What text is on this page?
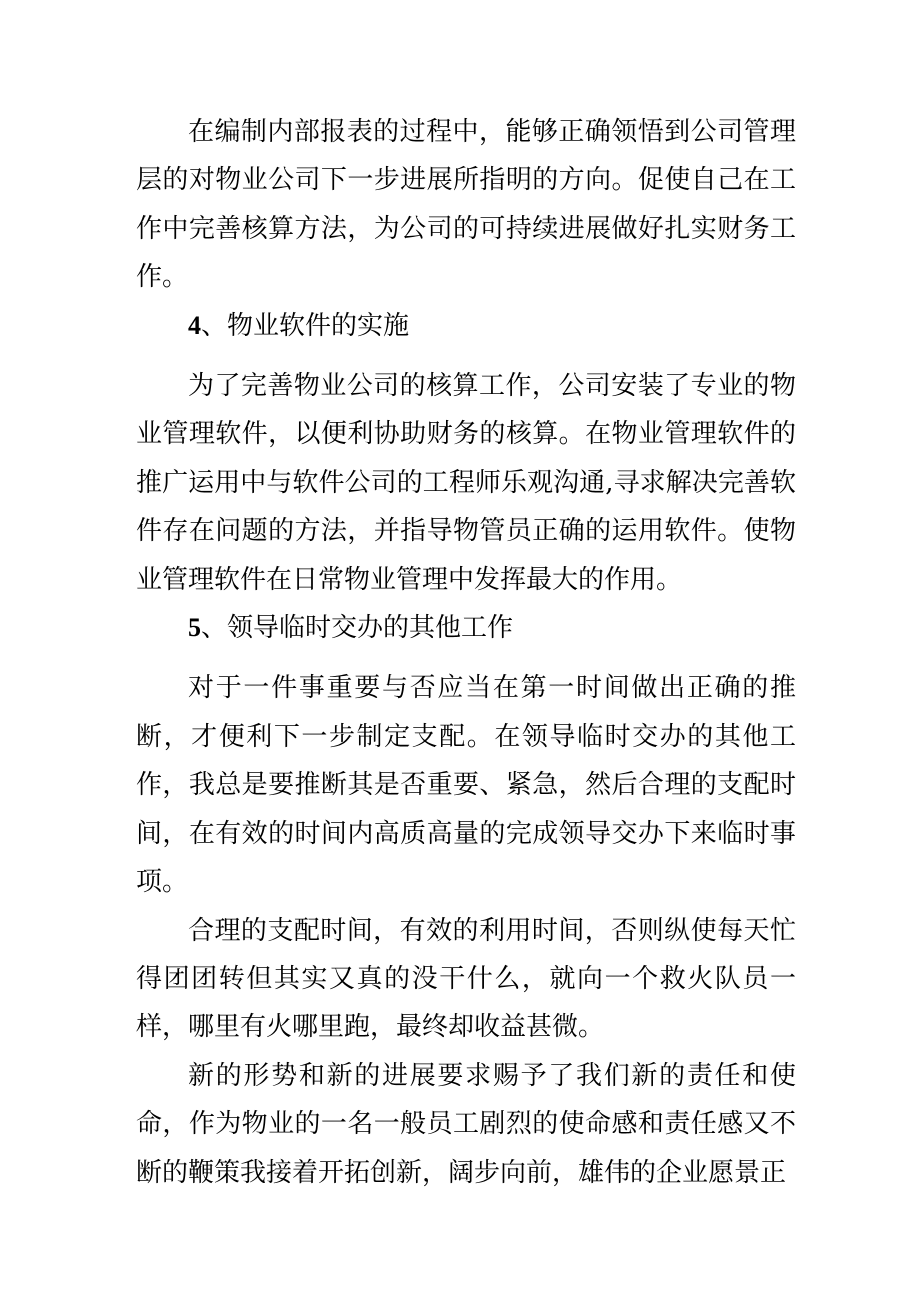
在编制内部报表的过程中，能够正确领悟到公司管理层的对物业公司下一步进展所指明的方向。促使自己在工作中完善核算方法，为公司的可持续进展做好扎实财务工作。

4、物业软件的实施

为了完善物业公司的核算工作，公司安装了专业的物业管理软件，以便利协助财务的核算。在物业管理软件的推广运用中与软件公司的工程师乐观沟通,寻求解决完善软件存在问题的方法，并指导物管员正确的运用软件。使物业管理软件在日常物业管理中发挥最大的作用。

5、领导临时交办的其他工作

对于一件事重要与否应当在第一时间做出正确的推断，才便利下一步制定支配。在领导临时交办的其他工作，我总是要推断其是否重要、紧急，然后合理的支配时间，在有效的时间内高质高量的完成领导交办下来临时事项。

合理的支配时间，有效的利用时间，否则纵使每天忙得团团转但其实又真的没干什么，就向一个救火队员一样，哪里有火哪里跑，最终却收益甚微。

新的形势和新的进展要求赐予了我们新的责任和使命，作为物业的一名一般员工剧烈的使命感和责任感又不断的鞭策我接着开拓创新，阔步向前，雄伟的企业愿景正
